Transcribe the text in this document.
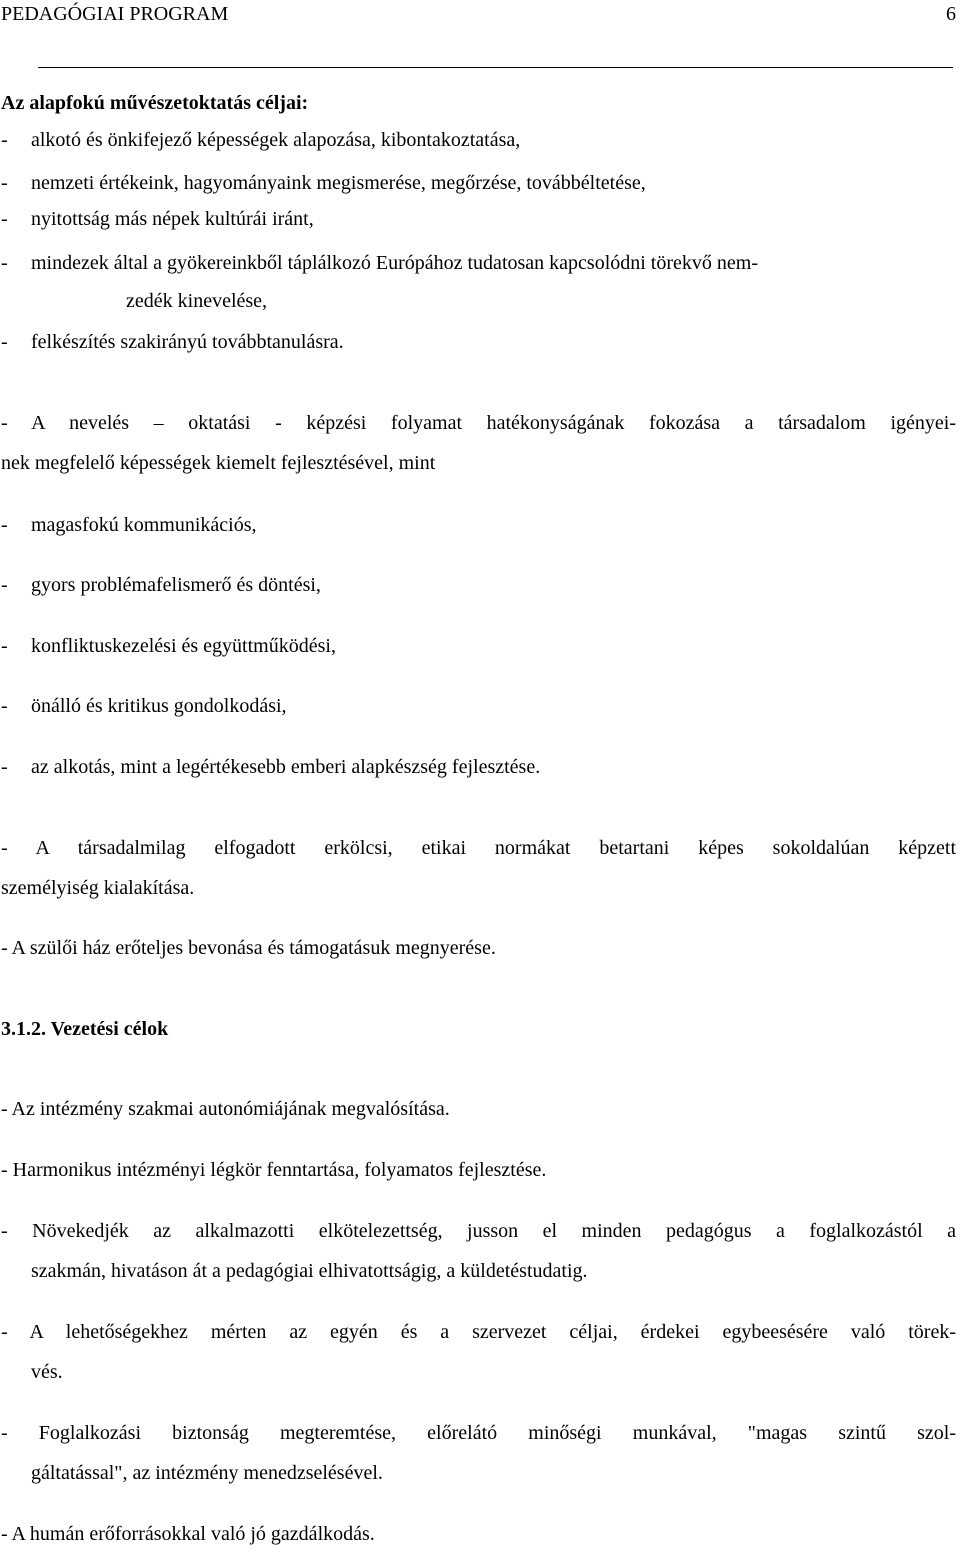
PEDAGÓGIAI PROGRAM	6
Az alapfokú művészetoktatás céljai:
- alkotó és önkifejező képességek alapozása, kibontakoztatása,
- nemzeti értékeink, hagyományaink megismerése, megőrzése, továbbéltetése,
- nyitottság más népek kultúrái iránt,
- mindezek által a gyökereinkből táplálkozó Európához tudatosan kapcsolódni törekvő nem-
zedék kinevelése,
- felkészítés szakirányú továbbtanulásra.
- A nevelés – oktatási - képzési folyamat hatékonyságának fokozása a társadalom igényei-
nek megfelelő képességek kiemelt fejlesztésével, mint
- magasfokú kommunikációs,
- gyors problémafelismerő és döntési,
- konfliktuskezelési és együttműködési,
- önálló és kritikus gondolkodási,
- az alkotás, mint a legértékesebb emberi alapkészség fejlesztése.
- A társadalmilag elfogadott erkölcsi, etikai normákat betartani képes sokoldalúan képzett
személyiség kialakítása.
- A szülői ház erőteljes bevonása és támogatásuk megnyerése.
3.1.2. Vezetési célok
- Az intézmény szakmai autonómiájának megvalósítása.
- Harmonikus intézményi légkör fenntartása, folyamatos fejlesztése.
- Növekedjék az alkalmazotti elkötelezettség, jusson el minden pedagógus a foglalkozástól a
szakmán, hivatáson át a pedagógiai elhivatottságig, a küldetéstudatig.
- A lehetőségekhez mérten az egyén és a szervezet céljai, érdekei egybeesésére való törek-
vés.
- Foglalkozási biztonság megteremtése, előrelátó minőségi munkával, "magas szintű szol-
gáltatással", az intézmény menedzselésével.
- A humán erőforrásokkal való jó gazdálkodás.
